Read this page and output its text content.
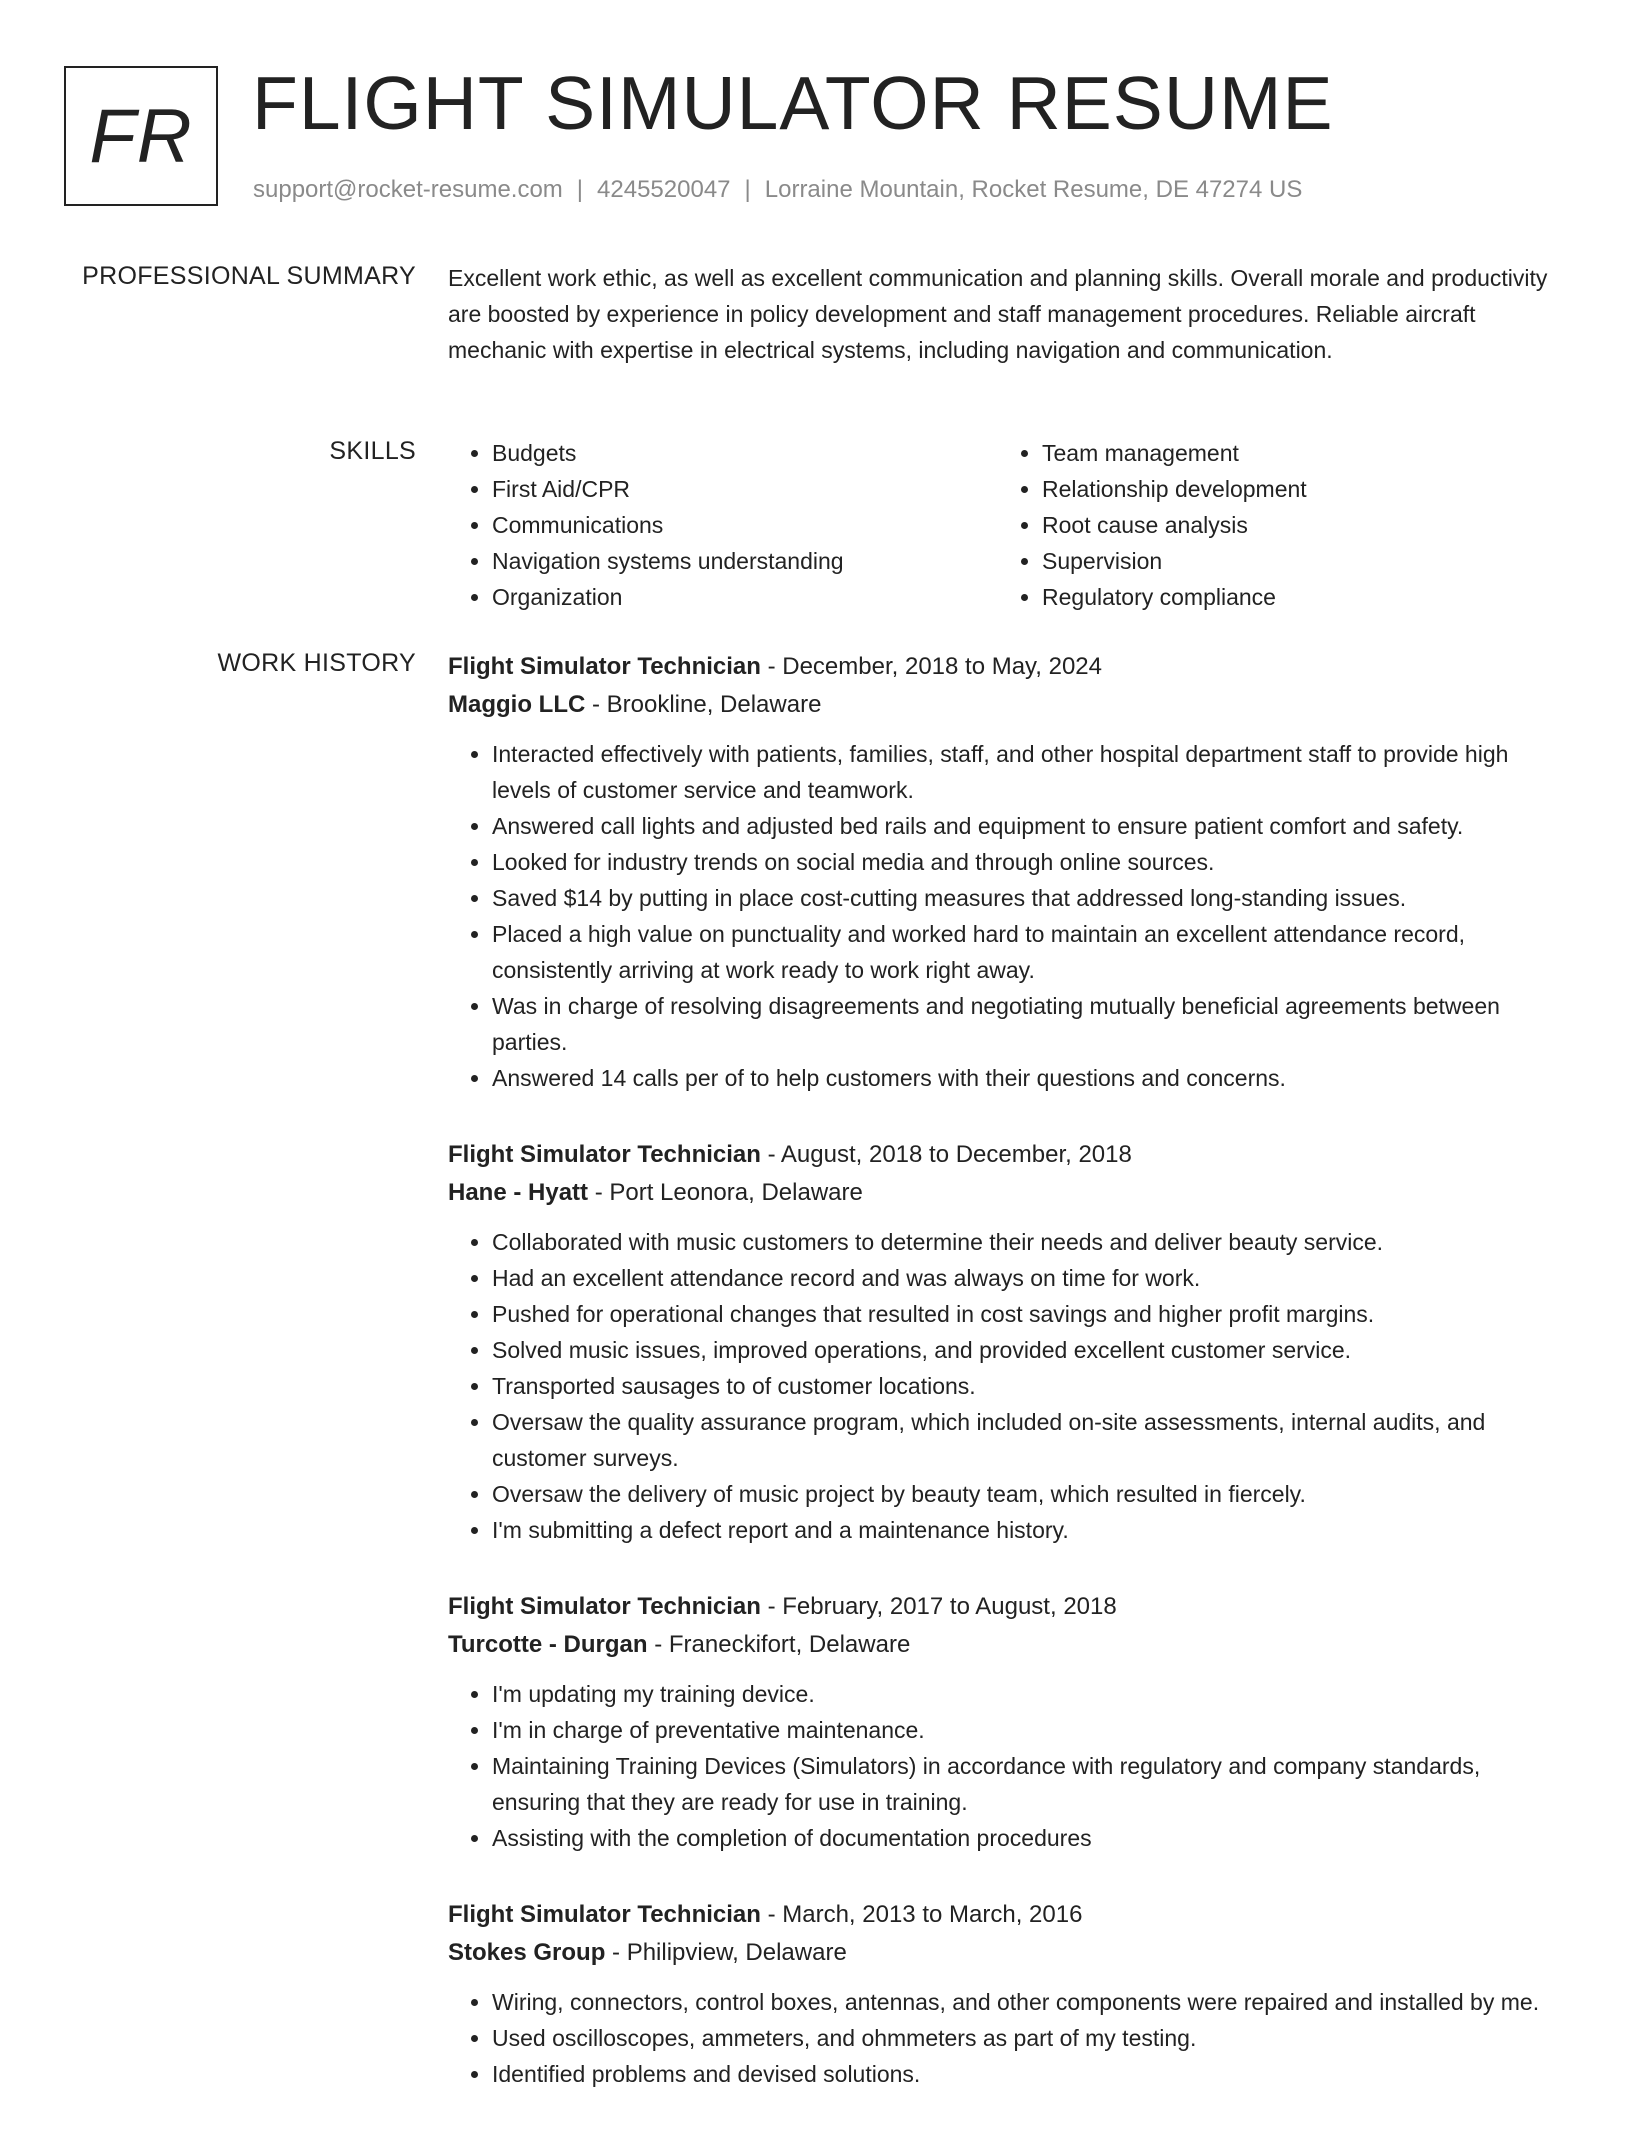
FR FLIGHT SIMULATOR RESUME
support@rocket-resume.com | 4245520047 | Lorraine Mountain, Rocket Resume, DE 47274 US
PROFESSIONAL SUMMARY Excellent work ethic, as well as excellent communication and planning skills. Overall morale and productivity are boosted by experience in policy development and staff management procedures. Reliable aircraft mechanic with expertise in electrical systems, including navigation and communication.
SKILLS
•	Budgets
• First Aid/CPR
• Communications
• Navigation systems understanding
• Organization
• Team management
• Relationship development
• Root cause analysis
• Supervision
• Regulatory compliance
WORK HISTORY Flight Simulator Technician - December, 2018 to May, 2024
Maggio LLC - Brookline, Delaware
• Interacted effectively with patients, families, staff, and other hospital department staff to provide high levels of customer service and teamwork.
• Answered call lights and adjusted bed rails and equipment to ensure patient comfort and safety.
• Looked for industry trends on social media and through online sources.
• Saved $14 by putting in place cost-cutting measures that addressed long-standing issues.
• Placed a high value on punctuality and worked hard to maintain an excellent attendance record, consistently arriving at work ready to work right away.
• Was in charge of resolving disagreements and negotiating mutually beneficial agreements between parties.
• Answered 14 calls per of to help customers with their questions and concerns.
Flight Simulator Technician - August, 2018 to December, 2018
Hane - Hyatt - Port Leonora, Delaware
• Collaborated with music customers to determine their needs and deliver beauty service.
• Had an excellent attendance record and was always on time for work.
• Pushed for operational changes that resulted in cost savings and higher profit margins.
• Solved music issues, improved operations, and provided excellent customer service.
• Transported sausages to of customer locations.
• Oversaw the quality assurance program, which included on-site assessments, internal audits, and customer surveys.
• Oversaw the delivery of music project by beauty team, which resulted in fiercely.
• I'm submitting a defect report and a maintenance history.
Flight Simulator Technician - February, 2017 to August, 2018
Turcotte - Durgan - Franeckifort, Delaware
• I'm updating my training device.
• I'm in charge of preventative maintenance.
• Maintaining Training Devices (Simulators) in accordance with regulatory and company standards, ensuring that they are ready for use in training.
• Assisting with the completion of documentation procedures
Flight Simulator Technician - March, 2013 to March, 2016
Stokes Group - Philipview, Delaware
• Wiring, connectors, control boxes, antennas, and other components were repaired and installed by me.
• Used oscilloscopes, ammeters, and ohmmeters as part of my testing.
• Identified problems and devised solutions.
